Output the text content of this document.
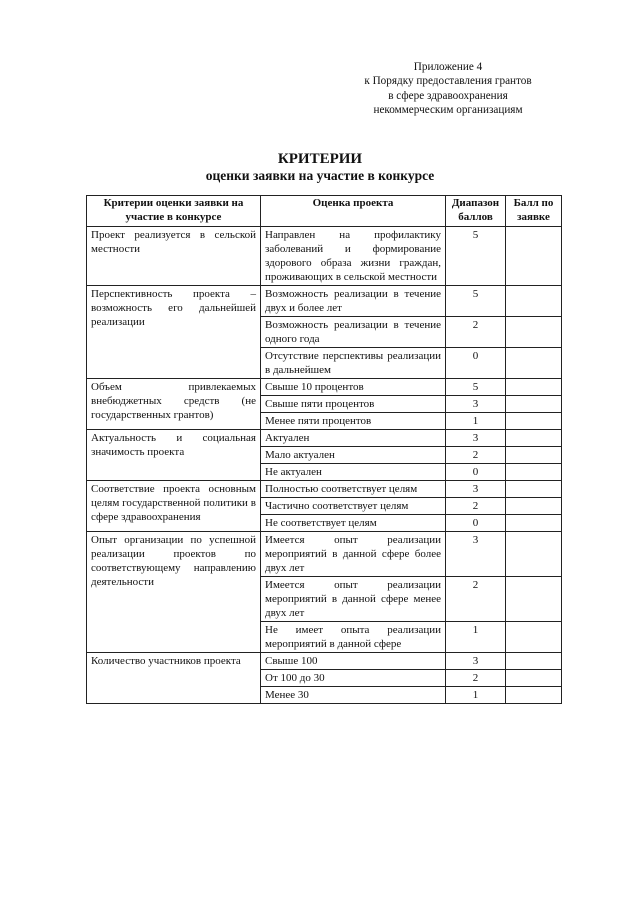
Приложение 4
к Порядку предоставления грантов
в сфере здравоохранения
некоммерческим организациям
КРИТЕРИИ
оценки заявки на участие в конкурсе
Критерии оценки заявки на участие в конкурсе	Оценка проекта	Диапазон баллов	Балл по заявке
Проект реализуется в сельской местности	Направлен на профилактику заболеваний и формирование здорового образа жизни граждан, проживающих в сельской местности	5	
Перспективность проекта – возможность его дальнейшей реализации	Возможность реализации в течение двух и более лет	5	
	Возможность реализации в течение одного года	2	
	Отсутствие перспективы реализации в дальнейшем	0	
Объем привлекаемых внебюджетных средств (не государственных грантов)	Свыше 10 процентов	5	
	Свыше пяти процентов	3	
	Менее пяти процентов	1	
Актуальность и социальная значимость проекта	Актуален	3	
	Мало актуален	2	
	Не актуален	0	
Соответствие проекта основным целям государственной политики в сфере здравоохранения	Полностью соответствует целям	3	
	Частично соответствует целям	2	
	Не соответствует целям	0	
Опыт организации по успешной реализации проектов по соответствующему направлению деятельности	Имеется опыт реализации мероприятий в данной сфере более двух лет	3	
	Имеется опыт реализации мероприятий в данной сфере менее двух лет	2	
	Не имеет опыта реализации мероприятий в данной сфере	1	
Количество участников проекта	Свыше 100	3	
	От 100 до 30	2	
	Менее 30	1	
